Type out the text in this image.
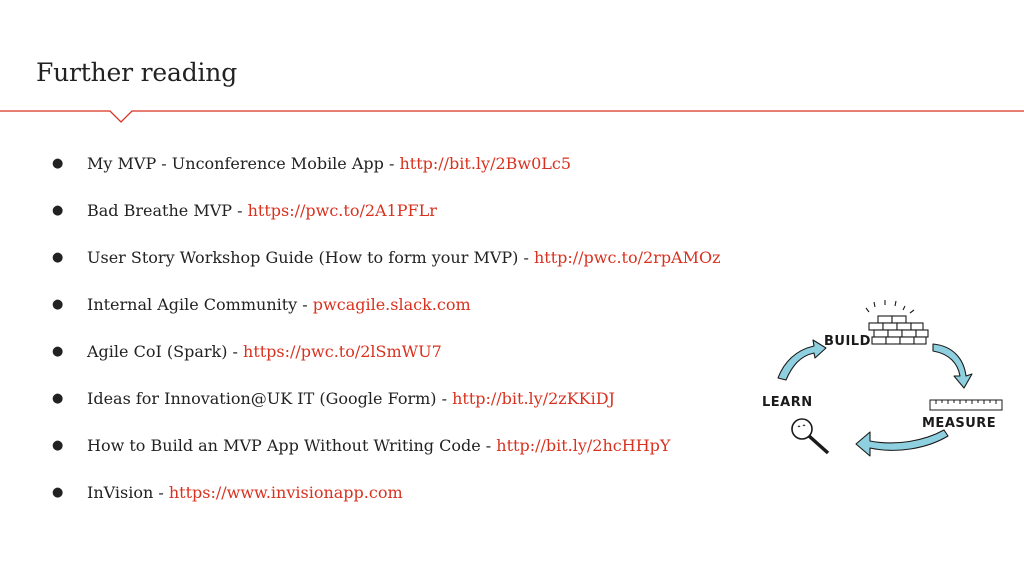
Further reading
● My MVP - Unconference Mobile App - http://bit.ly/2Bw0Lc5
● Bad Breathe MVP - https://pwc.to/2A1PFLr
● User Story Workshop Guide (How to form your MVP) - http://pwc.to/2rpAMOz
● Internal Agile Community - pwcagile.slack.com
● Agile CoI (Spark) - https://pwc.to/2lSmWU7
● Ideas for Innovation@UK IT (Google Form) - http://bit.ly/2zKKiDJ
● How to Build an MVP App Without Writing Code - http://bit.ly/2hcHHpY
● InVision - https://www.invisionapp.com
BUILD
MEASURE
LEARN
